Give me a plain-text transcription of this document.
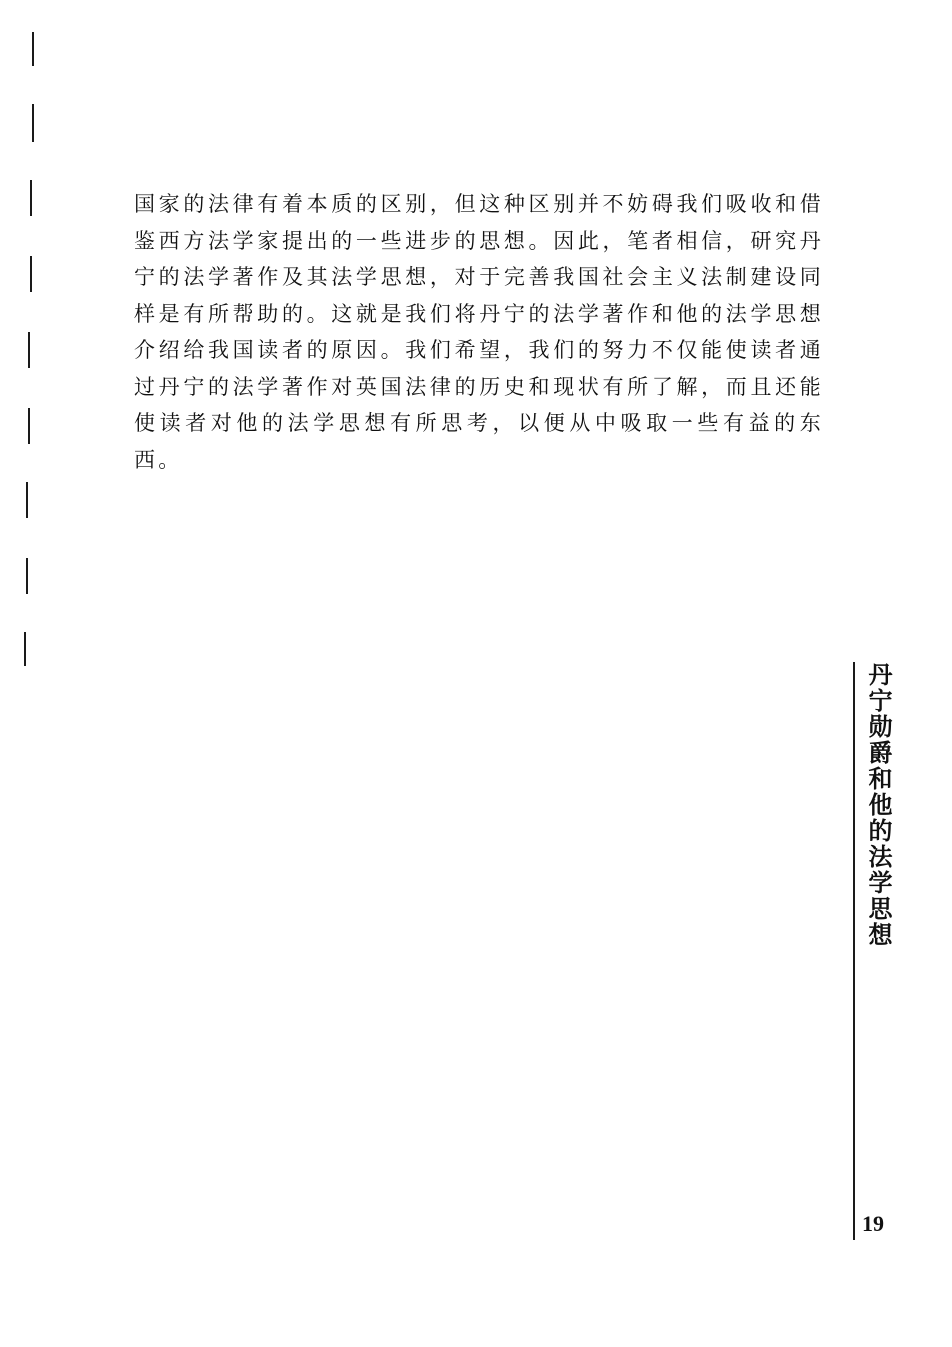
国家的法律有着本质的区别，但这种区别并不妨碍我们吸收和借鉴西方法学家提出的一些进步的思想。因此，笔者相信，研究丹宁的法学著作及其法学思想，对于完善我国社会主义法制建设同样是有所帮助的。这就是我们将丹宁的法学著作和他的法学思想介绍给我国读者的原因。我们希望，我们的努力不仅能使读者通过丹宁的法学著作对英国法律的历史和现状有所了解，而且还能使读者对他的法学思想有所思考，以便从中吸取一些有益的东西。

丹宁勋爵和他的法学思想
19
